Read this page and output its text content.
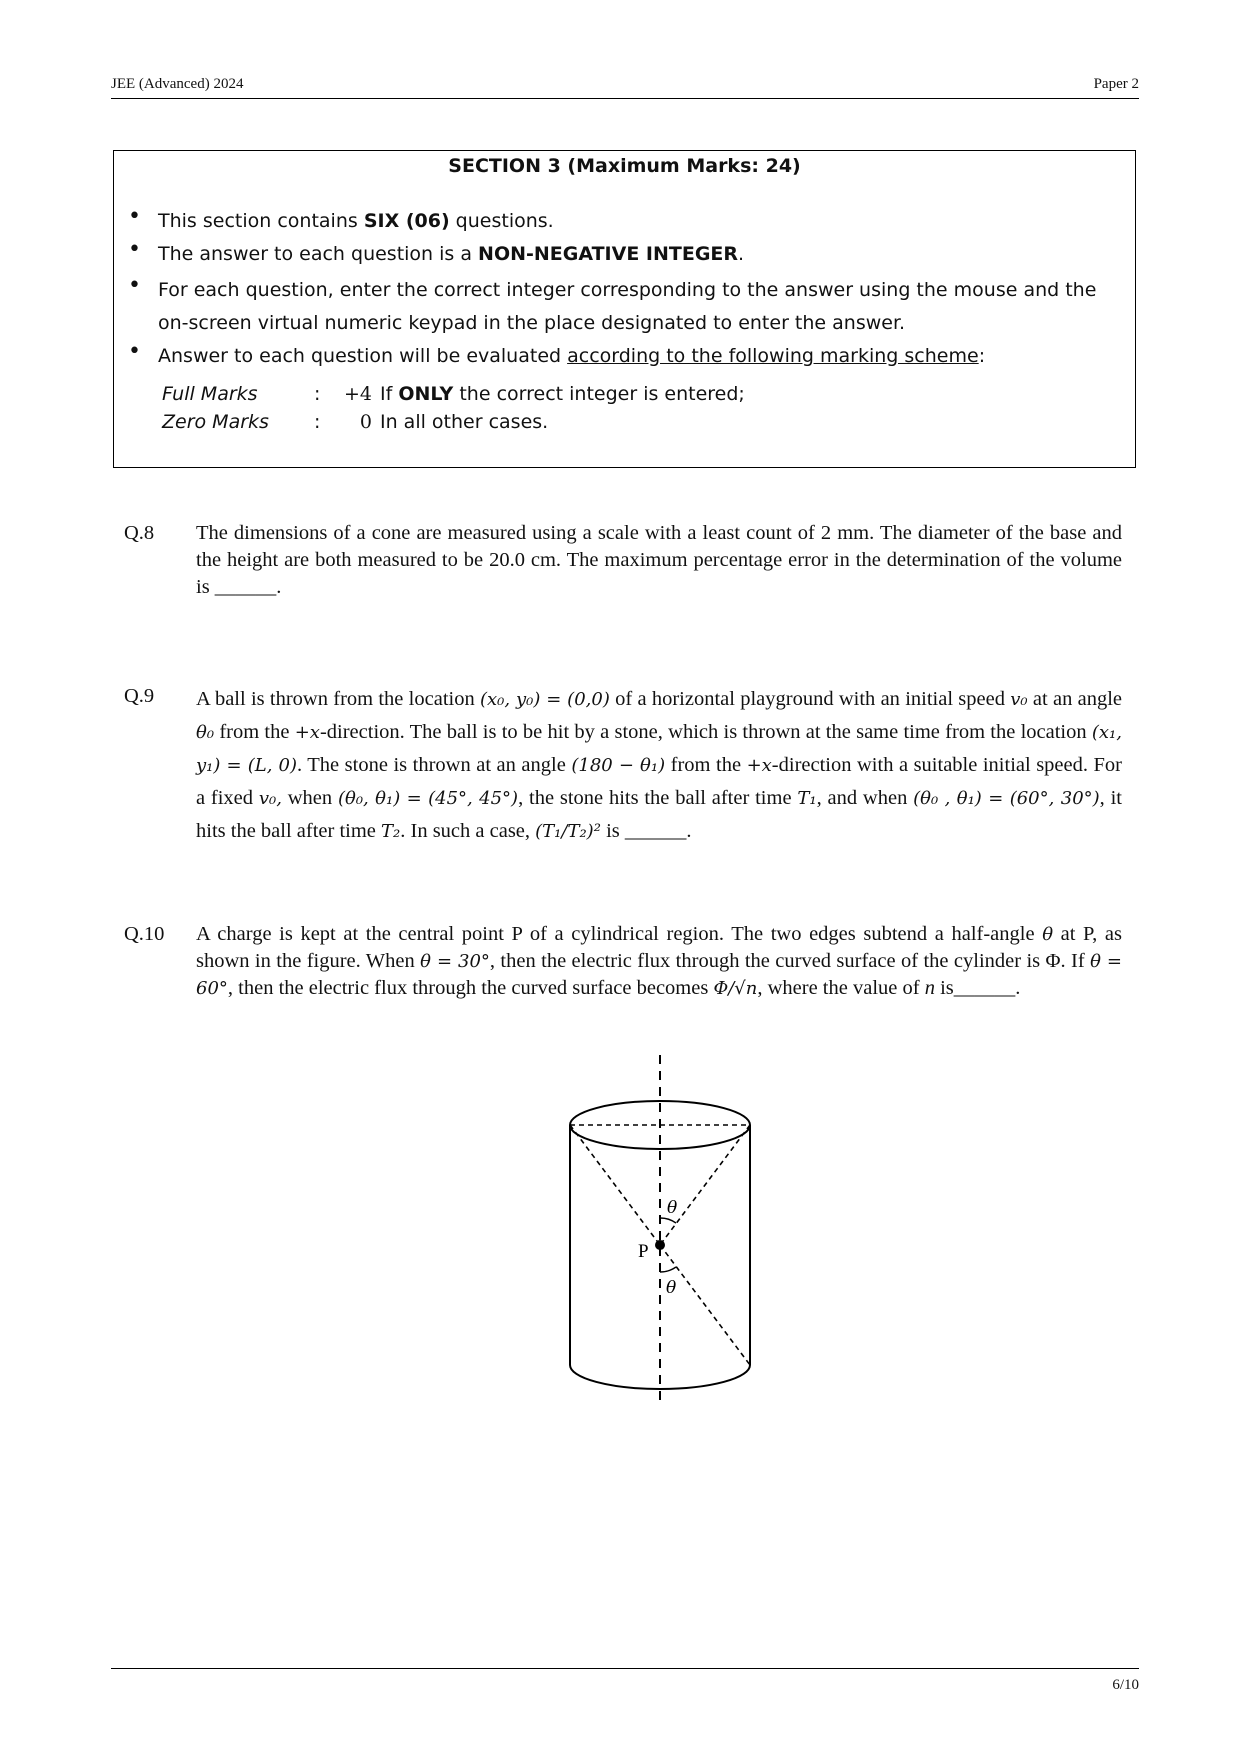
JEE (Advanced) 2024	Paper 2
SECTION 3 (Maximum Marks: 24)
• This section contains SIX (06) questions.
• The answer to each question is a NON-NEGATIVE INTEGER.
• For each question, enter the correct integer corresponding to the answer using the mouse and the on-screen virtual numeric keypad in the place designated to enter the answer.
• Answer to each question will be evaluated according to the following marking scheme:
Full Marks	:	+4 If ONLY the correct integer is entered;
Zero Marks :	0 In all other cases.
Q.8 The dimensions of a cone are measured using a scale with a least count of 2 mm. The diameter of the base and the height are both measured to be 20.0 cm. The maximum percentage error in the determination of the volume is ______.

Q.9 A ball is thrown from the location (x₀, y₀) = (0,0) of a horizontal playground with an initial speed v₀ at an angle θ₀ from the +x-direction. The ball is to be hit by a stone, which is thrown at the same time from the location (x₁, y₁) = (L, 0). The stone is thrown at an angle (180 − θ₁) from the +x-direction with a suitable initial speed. For a fixed v₀, when (θ₀, θ₁) = (45°, 45°), the stone hits the ball after time T₁, and when (θ₀ , θ₁) = (60°, 30°), it hits the ball after time T₂. In such a case, (T₁/T₂)² is ______.

Q.10 A charge is kept at the central point P of a cylindrical region. The two edges subtend a half-angle θ at P, as shown in the figure. When θ = 30°, then the electric flux through the curved surface of the cylinder is Φ. If θ = 60°, then the electric flux through the curved surface becomes Φ/√n, where the value of n is______.

P
θ
θ
6/10
